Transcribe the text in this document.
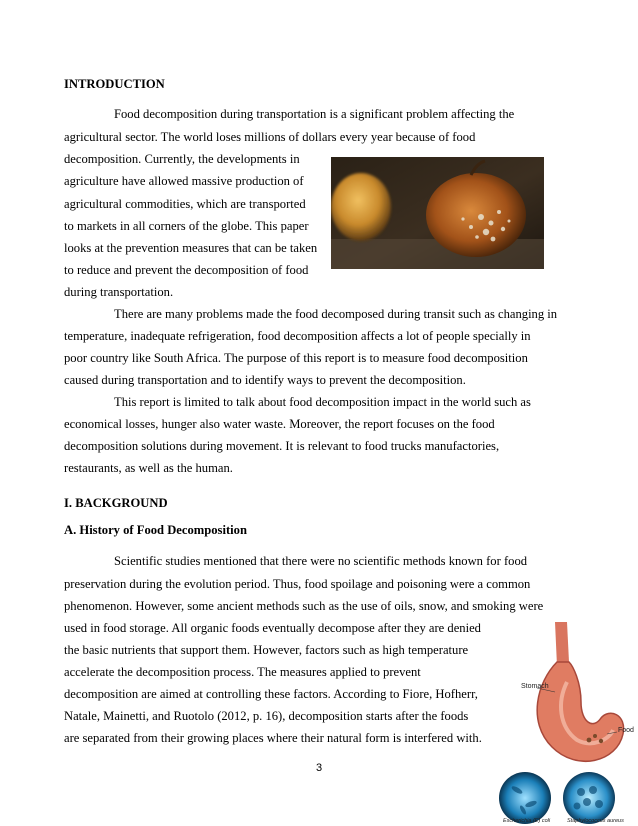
INTRODUCTION
Food decomposition during transportation is a significant problem affecting the
agricultural sector. The world loses millions of dollars every year because of food
decomposition. Currently, the developments in
agriculture have allowed massive production of
agricultural commodities, which are transported
to markets in all corners of the globe. This paper
looks at the prevention measures that can be taken
to reduce and prevent the decomposition of food
during transportation.
There are many problems made the food decomposed during transit such as changing in
temperature, inadequate refrigeration, food decomposition affects a lot of people specially in
poor country like South Africa. The purpose of this report is to measure food decomposition
caused during transportation and to identify ways to prevent the decomposition.
This report is limited to talk about food decomposition impact in the world such as
economical losses, hunger also water waste. Moreover, the report focuses on the food
decomposition solutions during movement. It is relevant to food trucks manufactories,
restaurants, as well as the human.
I. BACKGROUND
A. History of Food Decomposition
Scientific studies mentioned that there were no scientific methods known for food
preservation during the evolution period. Thus, food spoilage and poisoning were a common
phenomenon. However, some ancient methods such as the use of oils, snow, and smoking were
used in food storage. All organic foods eventually decompose after they are denied
the basic nutrients that support them. However, factors such as high temperature
accelerate the decomposition process. The measures applied to prevent
decomposition are aimed at controlling these factors. According to Fiore, Hofherr,
Natale, Mainetti, and Ruotolo (2012, p. 16), decomposition starts after the foods
are separated from their growing places where their natural form is interfered with.
Stomach
Food
Escherichia (E) coli	Staphylococcus aureus
3
